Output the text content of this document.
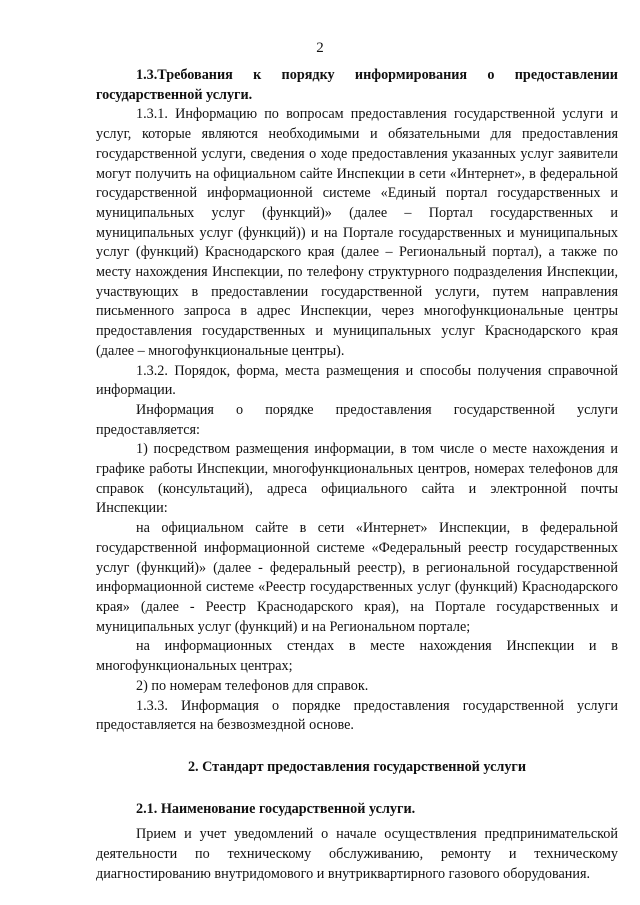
2

1.3.Требования к порядку информирования о предоставлении государственной услуги.

1.3.1. Информацию по вопросам предоставления государственной услуги и услуг, которые являются необходимыми и обязательными для предоставления государственной услуги, сведения о ходе предоставления указанных услуг заявители могут получить на официальном сайте Инспекции в сети «Интернет», в федеральной государственной информационной системе «Единый портал государственных и муниципальных услуг (функций)» (далее – Портал государственных и муниципальных услуг (функций)) и на Портале государственных и муниципальных услуг (функций) Краснодарского края (далее – Региональный портал), а также по месту нахождения Инспекции, по телефону структурного подразделения Инспекции, участвующих в предоставлении государственной услуги, путем направления письменного запроса в адрес Инспекции, через многофункциональные центры предоставления государственных и муниципальных услуг Краснодарского края (далее – многофункциональные центры).

1.3.2. Порядок, форма, места размещения и способы получения справочной информации.

Информация о порядке предоставления государственной услуги предоставляется:

1) посредством размещения информации, в том числе о месте нахождения и графике работы Инспекции, многофункциональных центров, номерах телефонов для справок (консультаций), адреса официального сайта и электронной почты Инспекции:

на официальном сайте в сети «Интернет» Инспекции, в федеральной государственной информационной системе «Федеральный реестр государственных услуг (функций)» (далее - федеральный реестр), в региональной государственной информационной системе «Реестр государственных услуг (функций) Краснодарского края» (далее - Реестр Краснодарского края), на Портале государственных и муниципальных услуг (функций) и на Региональном портале;

на информационных стендах в месте нахождения Инспекции и в многофункциональных центрах;

2) по номерам телефонов для справок.

1.3.3. Информация о порядке предоставления государственной услуги предоставляется на безвозмездной основе.

2. Стандарт предоставления государственной услуги

2.1. Наименование государственной услуги.

Прием и учет уведомлений о начале осуществления предпринимательской деятельности по техническому обслуживанию, ремонту и техническому диагностированию внутридомового и внутриквартирного газового оборудования.
